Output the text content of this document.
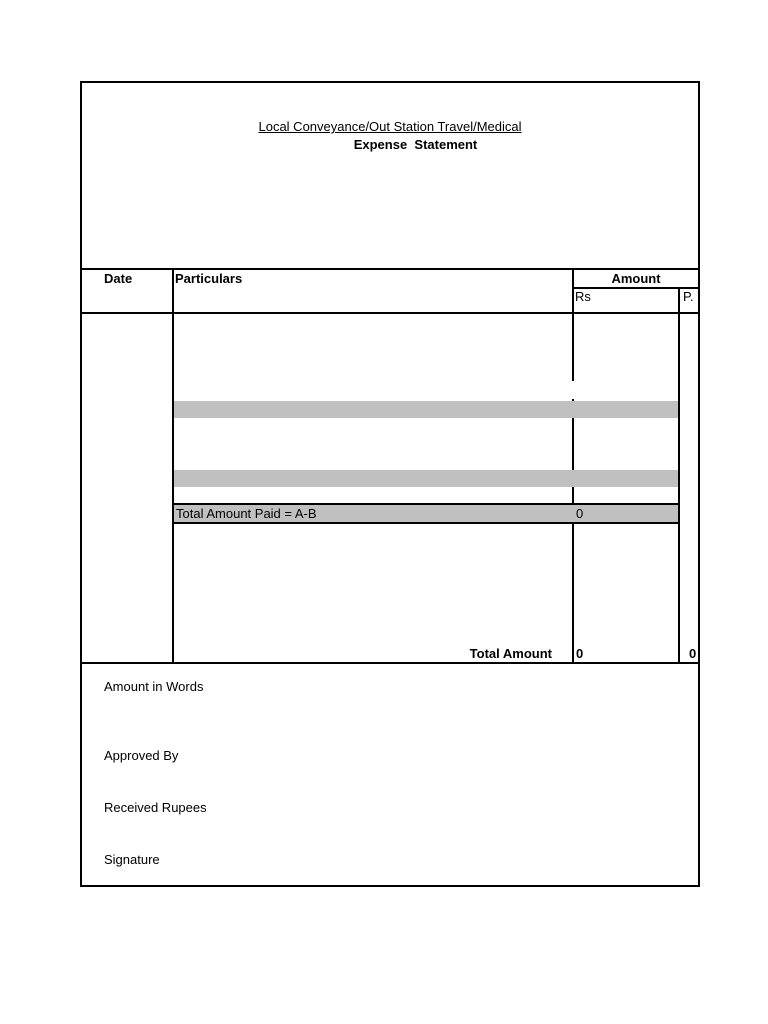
Local Conveyance/Out Station Travel/Medical
Expense  Statement
Date	Particulars	Amount
Rs	P.
Total Amount Paid = A-B	0
Total Amount 0	0
Amount in Words
Approved By
Received Rupees
Signature
